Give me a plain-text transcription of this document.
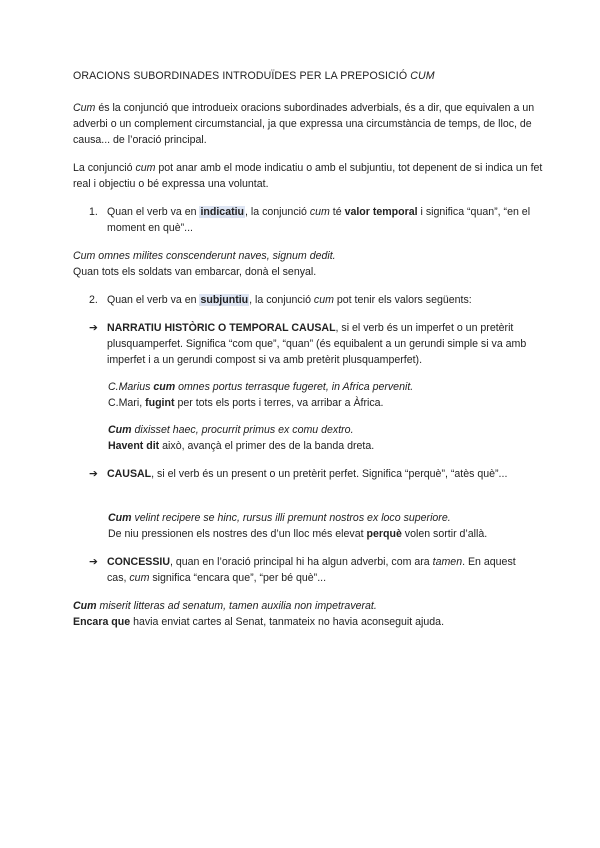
ORACIONS SUBORDINADES INTRODUÏDES PER LA PREPOSICIÓ CUM
Cum és la conjunció que introdueix oracions subordinades adverbials, és a dir, que equivalen a un adverbi o un complement circumstancial, ja que expressa una circumstància de temps, de lloc, de causa... de l’oració principal.
La conjunció cum pot anar amb el mode indicatiu o amb el subjuntiu, tot depenent de si indica un fet real i objectiu o bé expressa una voluntat.
1. Quan el verb va en indicatiu, la conjunció cum té valor temporal i significa “quan”, “en el moment en què”...
Cum omnes milites conscenderunt naves, signum dedit.
Quan tots els soldats van embarcar, donà el senyal.
2. Quan el verb va en subjuntiu, la conjunció cum pot tenir els valors següents:
➔ NARRATIU HISTÒRIC O TEMPORAL CAUSAL, si el verb és un imperfet o un pretèrit plusquamperfet. Significa “com que”, “quan” (és equibalent a un gerundi simple si va amb imperfet i a un gerundi compost si va amb pretèrit plusquamperfet).
C.Marius cum omnes portus terrasque fugeret, in Africa pervenit.
C.Mari, fugint per tots els ports i terres, va arribar a Àfrica.
Cum dixisset haec, procurrit primus ex comu dextro.
Havent dit això, avançà el primer des de la banda dreta.
➔ CAUSAL, si el verb és un present o un pretèrit perfet. Significa “perquè”, “atès què”...
Cum velint recipere se hinc, rursus illi premunt nostros ex loco superiore.
De niu pressionen els nostres des d’un lloc més elevat perquè volen sortir d’allà.
➔ CONCESSIU, quan en l’oració principal hi ha algun adverbi, com ara tamen. En aquest cas, cum significa “encara que”, “per bé què”...
Cum miserit litteras ad senatum, tamen auxilia non impetraverat.
Encara que havia enviat cartes al Senat, tanmateix no havia aconseguit ajuda.
